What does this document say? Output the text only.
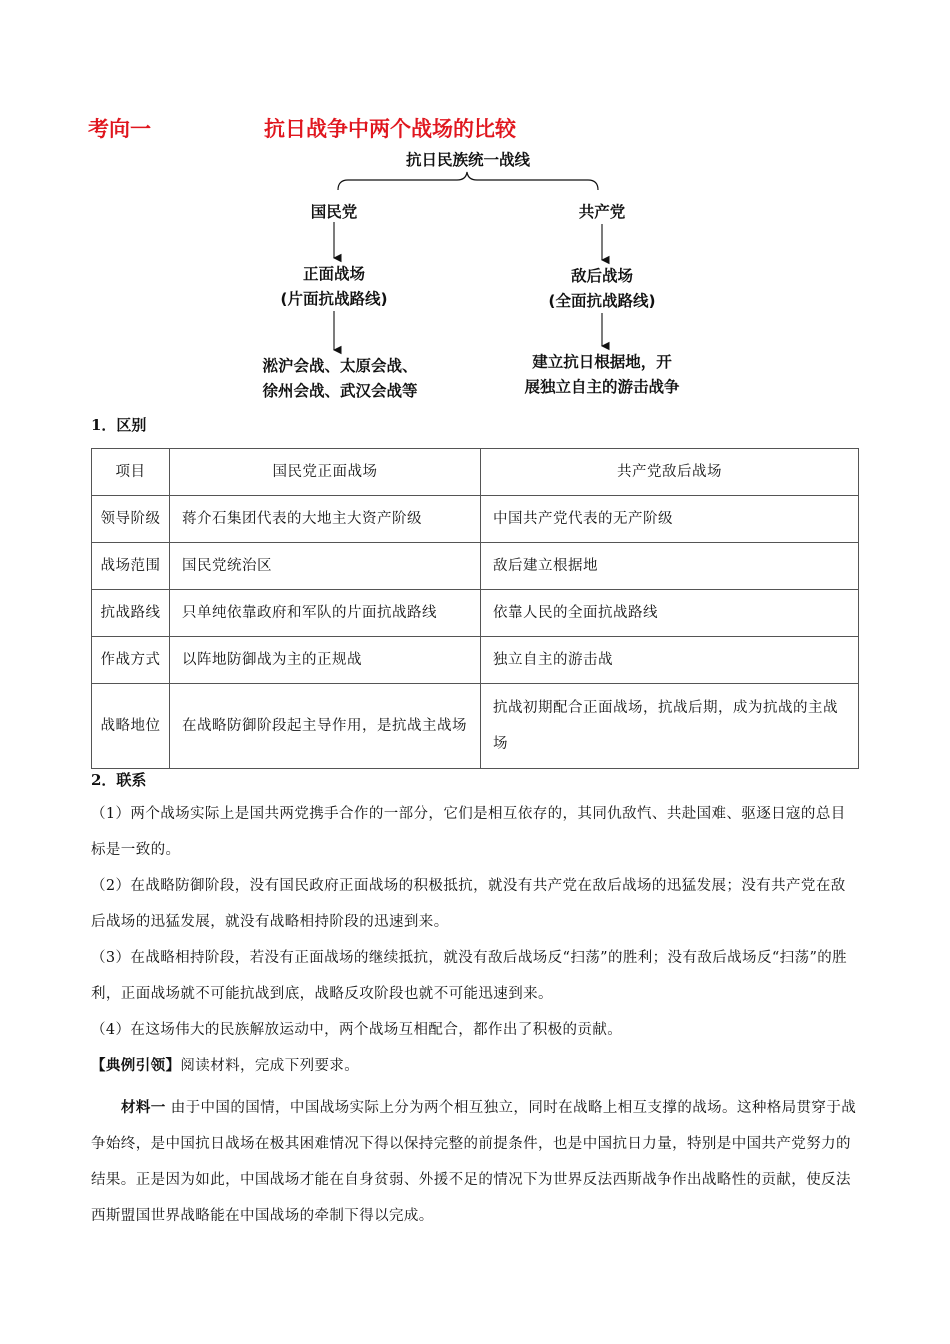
考向一	抗日战争中两个战场的比较
抗日民族统一战线
国民党	共产党
正面战场
(片面抗战路线)
敌后战场
(全面抗战路线)
淞沪会战、太原会战、
徐州会战、武汉会战等
建立抗日根据地，开
展独立自主的游击战争
1．区别
项目	国民党正面战场	共产党敌后战场
领导阶级	蒋介石集团代表的大地主大资产阶级	中国共产党代表的无产阶级
战场范围	国民党统治区	敌后建立根据地
抗战路线	只单纯依靠政府和军队的片面抗战路线	依靠人民的全面抗战路线
作战方式	以阵地防御战为主的正规战	独立自主的游击战
战略地位	在战略防御阶段起主导作用，是抗战主战场	抗战初期配合正面战场，抗战后期，成为抗战的主战场
2．联系
（1）两个战场实际上是国共两党携手合作的一部分，它们是相互依存的，其同仇敌忾、共赴国难、驱逐日寇的总目标是一致的。
（2）在战略防御阶段，没有国民政府正面战场的积极抵抗，就没有共产党在敌后战场的迅猛发展；没有共产党在敌后战场的迅猛发展，就没有战略相持阶段的迅速到来。
（3）在战略相持阶段，若没有正面战场的继续抵抗，就没有敌后战场反“扫荡”的胜利；没有敌后战场反“扫荡”的胜利，正面战场就不可能抗战到底，战略反攻阶段也就不可能迅速到来。
（4）在这场伟大的民族解放运动中，两个战场互相配合，都作出了积极的贡献。
【典例引领】阅读材料，完成下列要求。
材料一 由于中国的国情，中国战场实际上分为两个相互独立，同时在战略上相互支撑的战场。这种格局贯穿于战争始终，是中国抗日战场在极其困难情况下得以保持完整的前提条件，也是中国抗日力量，特别是中国共产党努力的结果。正是因为如此，中国战场才能在自身贫弱、外援不足的情况下为世界反法西斯战争作出战略性的贡献，使反法西斯盟国世界战略能在中国战场的牵制下得以完成。
